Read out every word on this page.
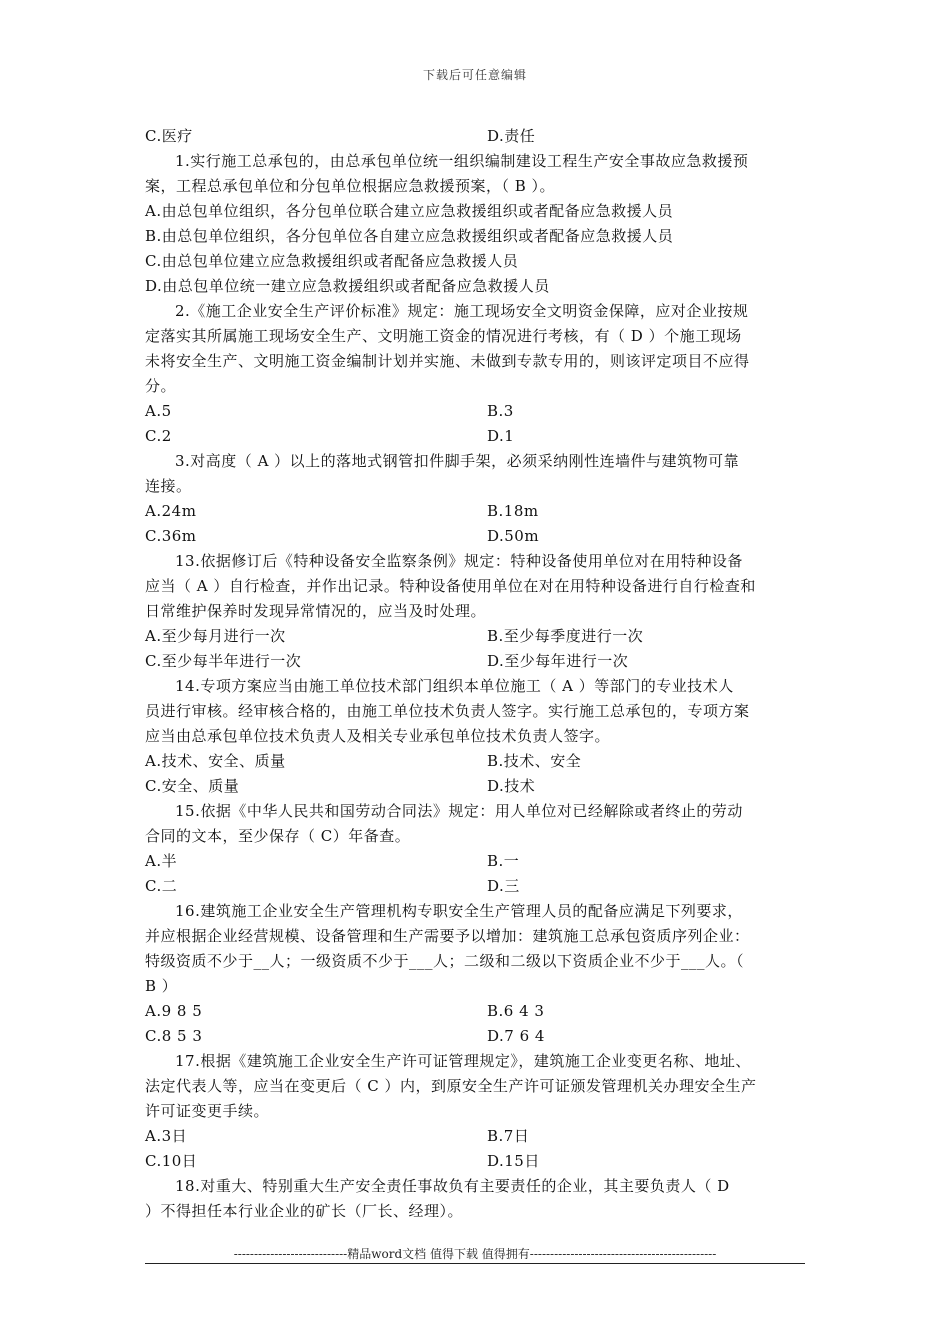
下载后可任意编辑
C.医疗	D.责任
1.实行施工总承包的，由总承包单位统一组织编制建设工程生产安全事故应急救援预
案，工程总承包单位和分包单位根据应急救援预案，（ B ）。
A.由总包单位组织，各分包单位联合建立应急救援组织或者配备应急救援人员
B.由总包单位组织，各分包单位各自建立应急救援组织或者配备应急救援人员
C.由总包单位建立应急救援组织或者配备应急救援人员
D.由总包单位统一建立应急救援组织或者配备应急救援人员
2.《施工企业安全生产评价标准》规定：施工现场安全文明资金保障，应对企业按规
定落实其所属施工现场安全生产、文明施工资金的情况进行考核，有（ D ）个施工现场
未将安全生产、文明施工资金编制计划并实施、未做到专款专用的，则该评定项目不应得
分。
A.5	B.3
C.2	D.1
3.对高度（ A ）以上的落地式钢管扣件脚手架，必须采纳刚性连墙件与建筑物可靠
连接。
A.24m	B.18m
C.36m	D.50m
13.依据修订后《特种设备安全监察条例》规定：特种设备使用单位对在用特种设备
应当（ A ）自行检查，并作出记录。特种设备使用单位在对在用特种设备进行自行检查和
日常维护保养时发现异常情况的，应当及时处理。
A.至少每月进行一次	B.至少每季度进行一次
C.至少每半年进行一次	D.至少每年进行一次
14.专项方案应当由施工单位技术部门组织本单位施工（ A ）等部门的专业技术人
员进行审核。经审核合格的，由施工单位技术负责人签字。实行施工总承包的，专项方案
应当由总承包单位技术负责人及相关专业承包单位技术负责人签字。
A.技术、安全、质量	B.技术、安全
C.安全、质量	D.技术
15.依据《中华人民共和国劳动合同法》规定：用人单位对已经解除或者终止的劳动
合同的文本，至少保存（ C）年备查。
A.半	B.一
C.二	D.三
16.建筑施工企业安全生产管理机构专职安全生产管理人员的配备应满足下列要求，
并应根据企业经营规模、设备管理和生产需要予以增加：建筑施工总承包资质序列企业：
特级资质不少于__人；一级资质不少于___人；二级和二级以下资质企业不少于___人。（
B ）
A.9 8 5	B.6 4 3
C.8 5 3	D.7 6 4
17.根据《建筑施工企业安全生产许可证管理规定》，建筑施工企业变更名称、地址、
法定代表人等，应当在变更后（ C ）内，到原安全生产许可证颁发管理机关办理安全生产
许可证变更手续。
A.3日	B.7日
C.10日	D.15日
18.对重大、特别重大生产安全责任事故负有主要责任的企业，其主要负责人（ D
）不得担任本行业企业的矿长（厂长、经理）。
----------------------------精品word文档 值得下载 值得拥有----------------------------------------------
